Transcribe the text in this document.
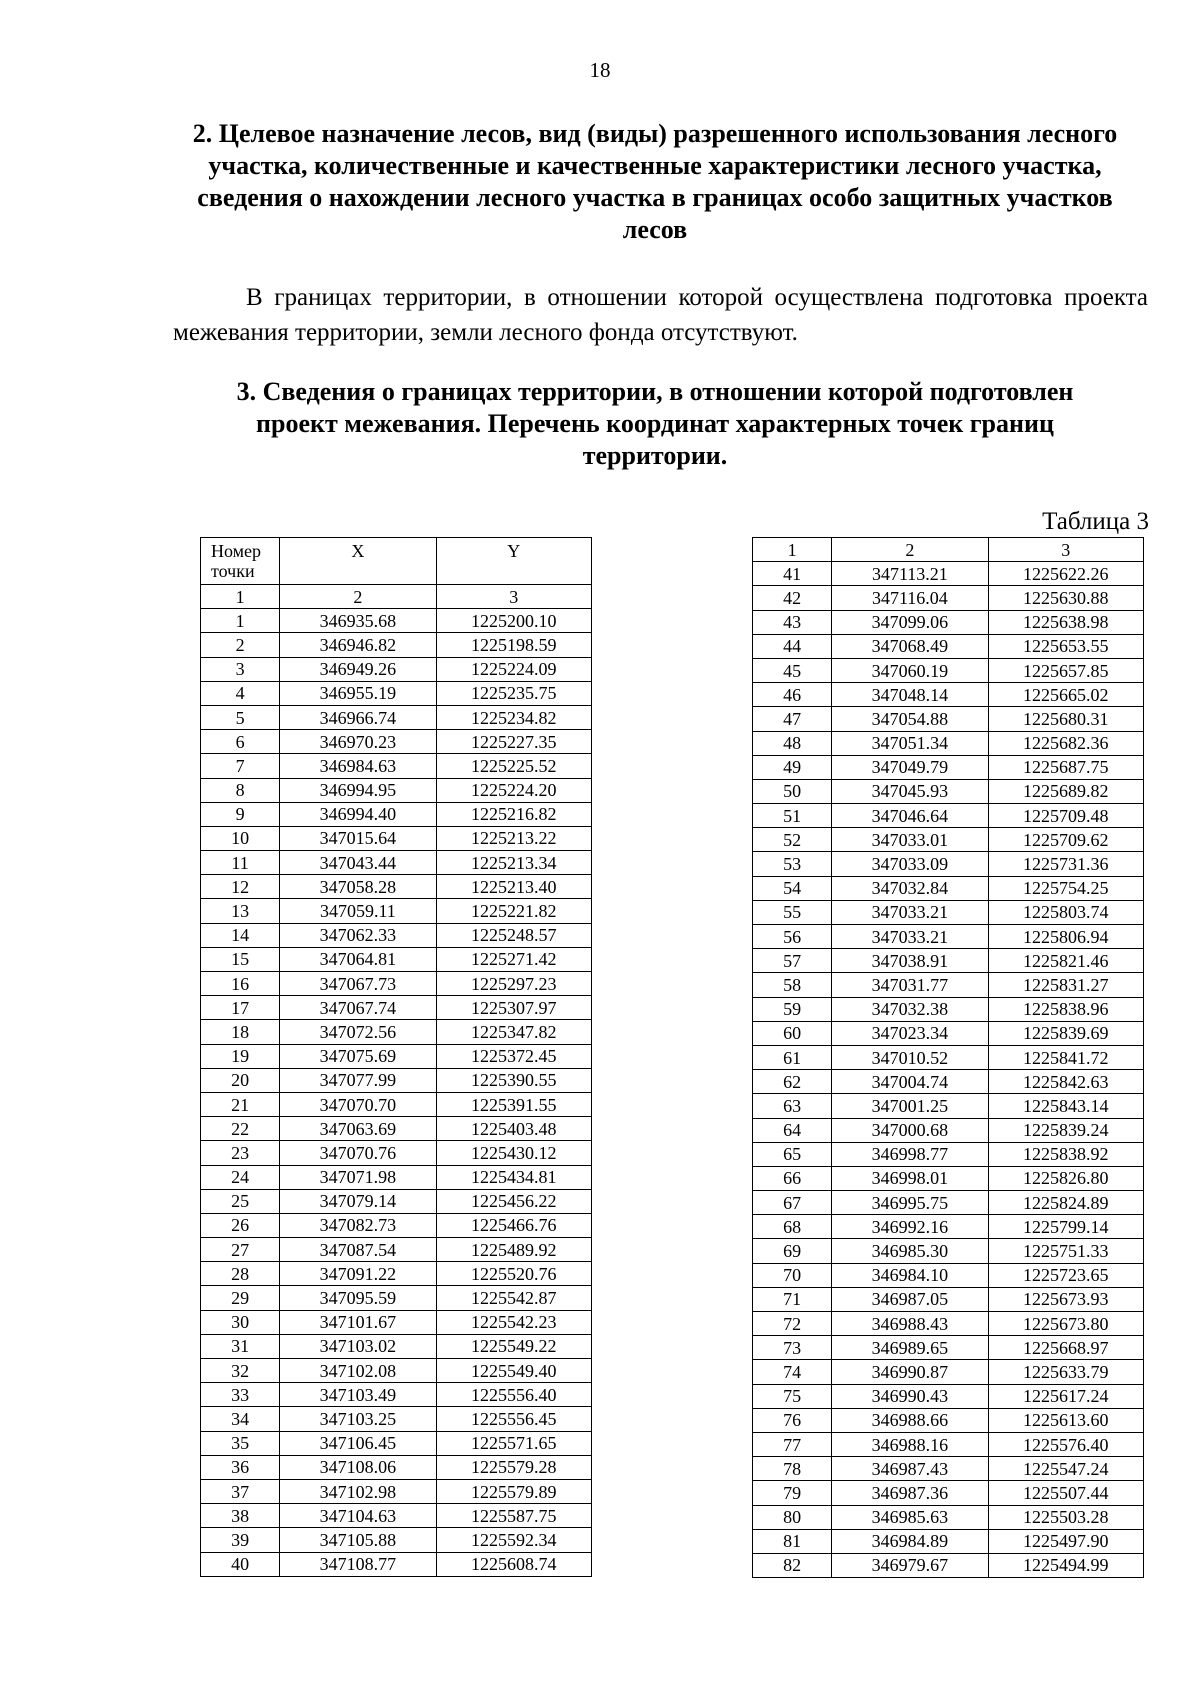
18
2. Целевое назначение лесов, вид (виды) разрешенного использования лесного участка, количественные и качественные характеристики лесного участка, сведения о нахождении лесного участка в границах особо защитных участков лесов
В границах территории, в отношении которой осуществлена подготовка проекта межевания территории, земли лесного фонда отсутствуют.
3. Сведения о границах территории, в отношении которой подготовлен проект межевания. Перечень координат характерных точек границ территории.
Таблица 3
Номер точки	X	Y
1	2	3
1	346935.68	1225200.10
2	346946.82	1225198.59
3	346949.26	1225224.09
4	346955.19	1225235.75
5	346966.74	1225234.82
6	346970.23	1225227.35
7	346984.63	1225225.52
8	346994.95	1225224.20
9	346994.40	1225216.82
10	347015.64	1225213.22
11	347043.44	1225213.34
12	347058.28	1225213.40
13	347059.11	1225221.82
14	347062.33	1225248.57
15	347064.81	1225271.42
16	347067.73	1225297.23
17	347067.74	1225307.97
18	347072.56	1225347.82
19	347075.69	1225372.45
20	347077.99	1225390.55
21	347070.70	1225391.55
22	347063.69	1225403.48
23	347070.76	1225430.12
24	347071.98	1225434.81
25	347079.14	1225456.22
26	347082.73	1225466.76
27	347087.54	1225489.92
28	347091.22	1225520.76
29	347095.59	1225542.87
30	347101.67	1225542.23
31	347103.02	1225549.22
32	347102.08	1225549.40
33	347103.49	1225556.40
34	347103.25	1225556.45
35	347106.45	1225571.65
36	347108.06	1225579.28
37	347102.98	1225579.89
38	347104.63	1225587.75
39	347105.88	1225592.34
40	347108.77	1225608.74
1	2	3
41	347113.21	1225622.26
42	347116.04	1225630.88
43	347099.06	1225638.98
44	347068.49	1225653.55
45	347060.19	1225657.85
46	347048.14	1225665.02
47	347054.88	1225680.31
48	347051.34	1225682.36
49	347049.79	1225687.75
50	347045.93	1225689.82
51	347046.64	1225709.48
52	347033.01	1225709.62
53	347033.09	1225731.36
54	347032.84	1225754.25
55	347033.21	1225803.74
56	347033.21	1225806.94
57	347038.91	1225821.46
58	347031.77	1225831.27
59	347032.38	1225838.96
60	347023.34	1225839.69
61	347010.52	1225841.72
62	347004.74	1225842.63
63	347001.25	1225843.14
64	347000.68	1225839.24
65	346998.77	1225838.92
66	346998.01	1225826.80
67	346995.75	1225824.89
68	346992.16	1225799.14
69	346985.30	1225751.33
70	346984.10	1225723.65
71	346987.05	1225673.93
72	346988.43	1225673.80
73	346989.65	1225668.97
74	346990.87	1225633.79
75	346990.43	1225617.24
76	346988.66	1225613.60
77	346988.16	1225576.40
78	346987.43	1225547.24
79	346987.36	1225507.44
80	346985.63	1225503.28
81	346984.89	1225497.90
82	346979.67	1225494.99
